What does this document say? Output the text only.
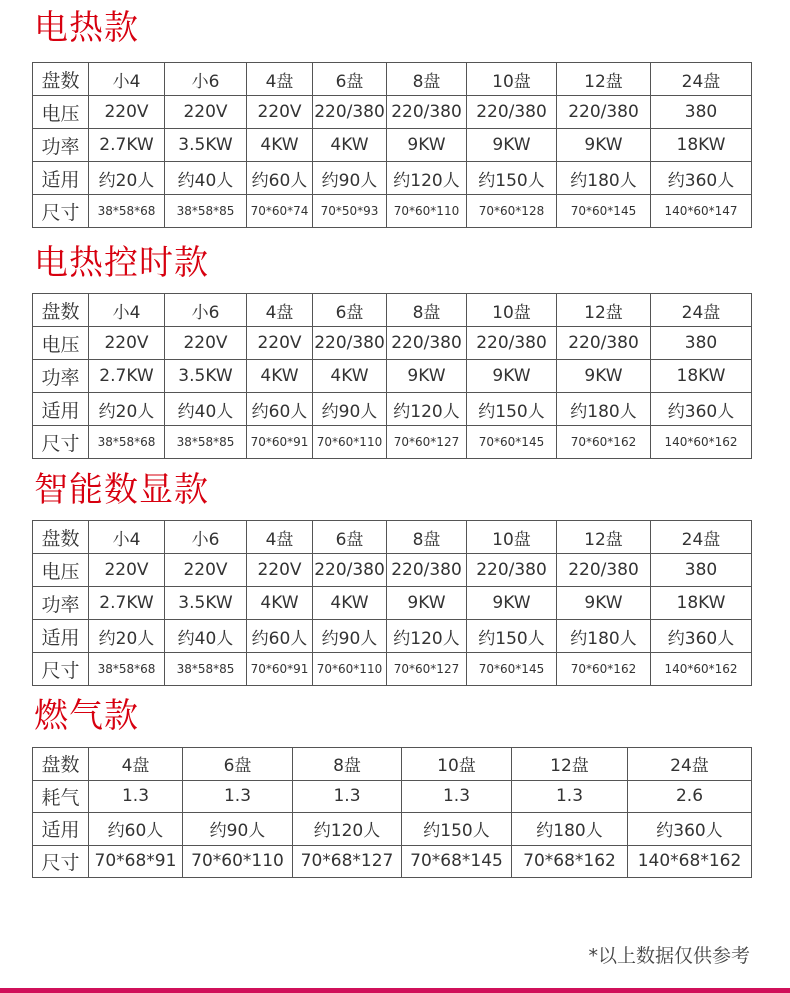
电热款
盘数	小4	小6	4盘	6盘	8盘	10盘	12盘	24盘
电压	220V	220V	220V	220/380	220/380	220/380	220/380	380
功率	2.7KW	3.5KW	4KW	4KW	9KW	9KW	9KW	18KW
适用	约20人	约40人	约60人	约90人	约120人	约150人	约180人	约360人
尺寸	38*58*68	38*58*85	70*60*74	70*50*93	70*60*110	70*60*128	70*60*145	140*60*147
电热控时款
盘数	小4	小6	4盘	6盘	8盘	10盘	12盘	24盘
电压	220V	220V	220V	220/380	220/380	220/380	220/380	380
功率	2.7KW	3.5KW	4KW	4KW	9KW	9KW	9KW	18KW
适用	约20人	约40人	约60人	约90人	约120人	约150人	约180人	约360人
尺寸	38*58*68	38*58*85	70*60*91	70*60*110	70*60*127	70*60*145	70*60*162	140*60*162
智能数显款
盘数	小4	小6	4盘	6盘	8盘	10盘	12盘	24盘
电压	220V	220V	220V	220/380	220/380	220/380	220/380	380
功率	2.7KW	3.5KW	4KW	4KW	9KW	9KW	9KW	18KW
适用	约20人	约40人	约60人	约90人	约120人	约150人	约180人	约360人
尺寸	38*58*68	38*58*85	70*60*91	70*60*110	70*60*127	70*60*145	70*60*162	140*60*162
燃气款
盘数	4盘	6盘	8盘	10盘	12盘	24盘
耗气	1.3	1.3	1.3	1.3	1.3	2.6
适用	约60人	约90人	约120人	约150人	约180人	约360人
尺寸	70*68*91	70*60*110	70*68*127	70*68*145	70*68*162	140*68*162
*以上数据仅供参考
